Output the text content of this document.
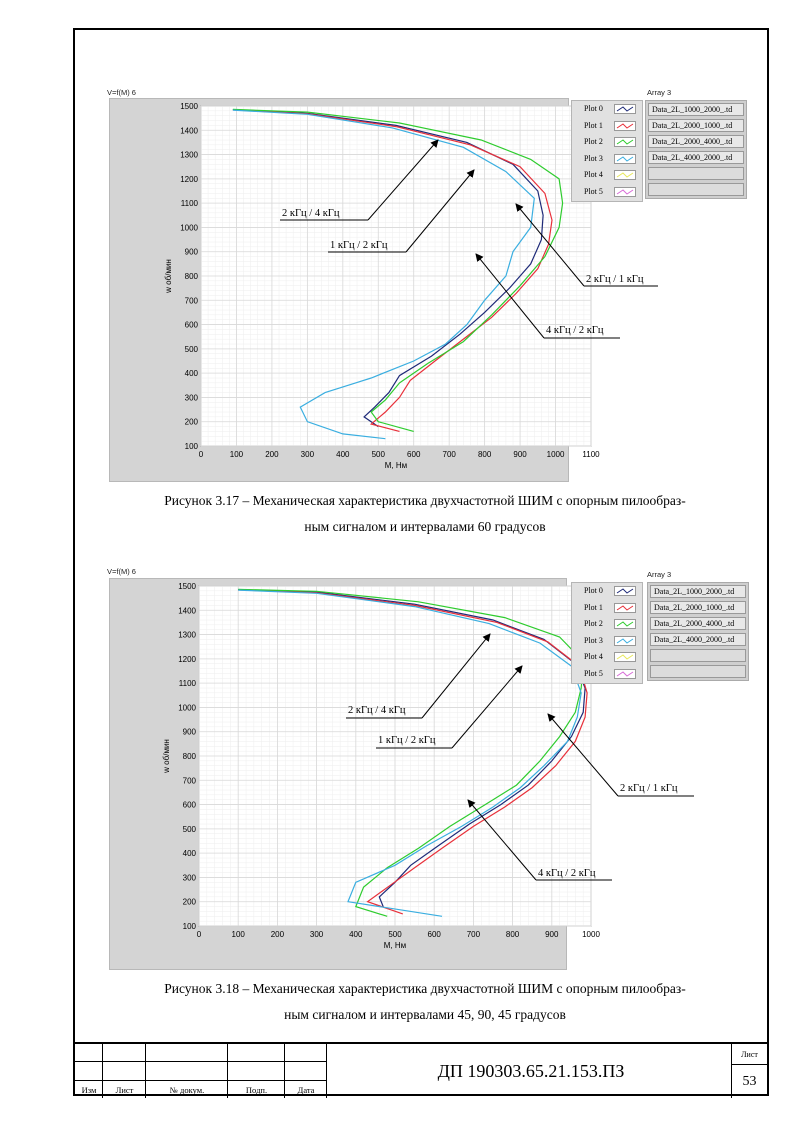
V=f(M) 6
0	100	200	300	400	500	600	700	800	900 1000 1100
100
200
300
400
500
600
700
800
900
1000
1100
1200
1300
1400
1500
M, Нм
w об/мин
Plot 0
Plot 1
Plot 2
Plot 3
Plot 4
Plot 5
Array 3
Data_2L_1000_2000_.td
Data_2L_2000_1000_.td
Data_2L_2000_4000_.td
Data_2L_4000_2000_.td
Рисунок 3.17 – Механическая характеристика двухчастотной ШИМ с опорным пилообраз-
ным сигналом и интервалами 60 градусов
V=f(M) 6
0	100	200	300	400	500	600	700	800	900	1000
100
200
300
400
500
600
700
800
900
1000
1100
1200
1300
1400
1500
M, Нм
w об/мин
Plot 0
Plot 1
Plot 2
Plot 3
Plot 4
Plot 5
Array 3
Data_2L_1000_2000_.td
Data_2L_2000_1000_.td
Data_2L_2000_4000_.td
Data_2L_4000_2000_.td
Рисунок 3.18 – Механическая характеристика двухчастотной ШИМ с опорным пилообраз-
ным сигналом и интервалами 45, 90, 45 градусов
Изм	Лист	№ докум.	Подп.	Дата
ДП 190303.65.21.153.ПЗ
Лист
53
2 кГц / 4 кГц
1 кГц / 2 кГц
2 кГц / 1 кГц
4 кГц / 2 кГц
2 кГц / 4 кГц
1 кГц / 2 кГц
2 кГц / 1 кГц
4 кГц / 2 кГц
